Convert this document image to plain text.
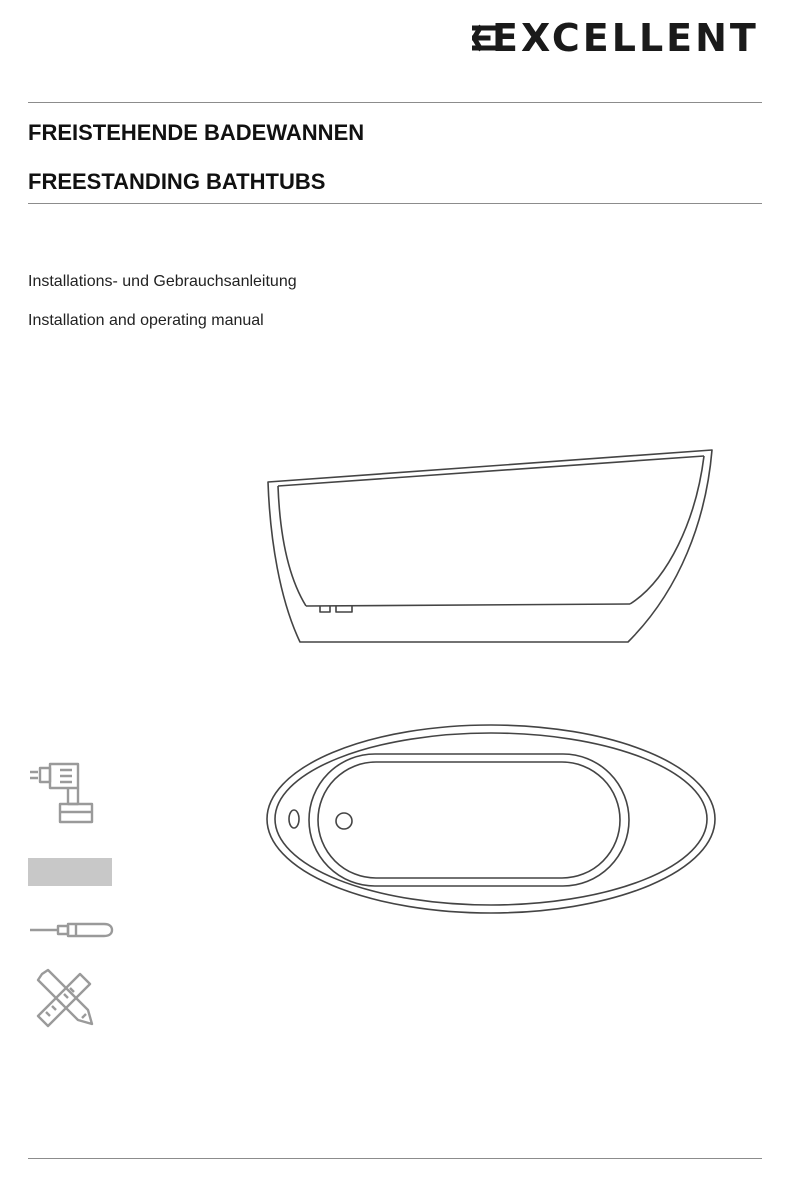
EXCELLENT
FREISTEHENDE BADEWANNEN
FREESTANDING BATHTUBS
Installations- und Gebrauchsanleitung
Installation and operating manual
